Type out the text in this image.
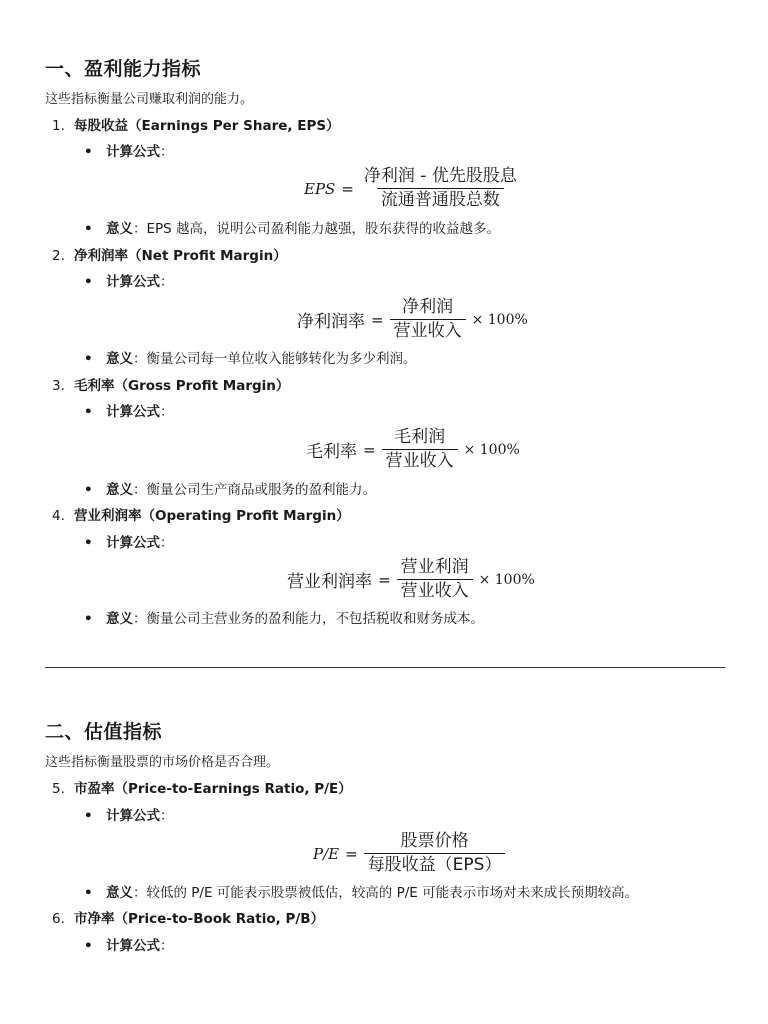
一、盈利能力指标

这些指标衡量公司赚取利润的能力。

1. 每股收益（Earnings Per Share, EPS）
• 计算公式：
EPS = $\frac{\text{净利润 - 优先股股息}}{\text{流通普通股总数}}$
• 意义：EPS 越高，说明公司盈利能力越强，股东获得的收益越多。
2. 净利润率（Net Profit Margin）
• 计算公式：
净利润率 = $\frac{\text{净利润}}{\text{营业收入}} \times 100\%$
• 意义：衡量公司每一单位收入能够转化为多少利润。
3. 毛利率（Gross Profit Margin）
• 计算公式：
毛利率 = $\frac{\text{毛利润}}{\text{营业收入}} \times 100\%$
• 意义：衡量公司生产商品或服务的盈利能力。
4. 营业利润率（Operating Profit Margin）
• 计算公式：
营业利润率 = $\frac{\text{营业利润}}{\text{营业收入}} \times 100\%$
• 意义：衡量公司主营业务的盈利能力，不包括税收和财务成本。
二、估值指标

这些指标衡量股票的市场价格是否合理。

5. 市盈率（Price-to-Earnings Ratio, P/E）
• 计算公式：
$P/E = \frac{\text{股票价格}}{\text{每股收益（EPS）}}$
• 意义：较低的 P/E 可能表示股票被低估，较高的 P/E 可能表示市场对未来成长预期较高。
6. 市净率（Price-to-Book Ratio, P/B）
• 计算公式：
